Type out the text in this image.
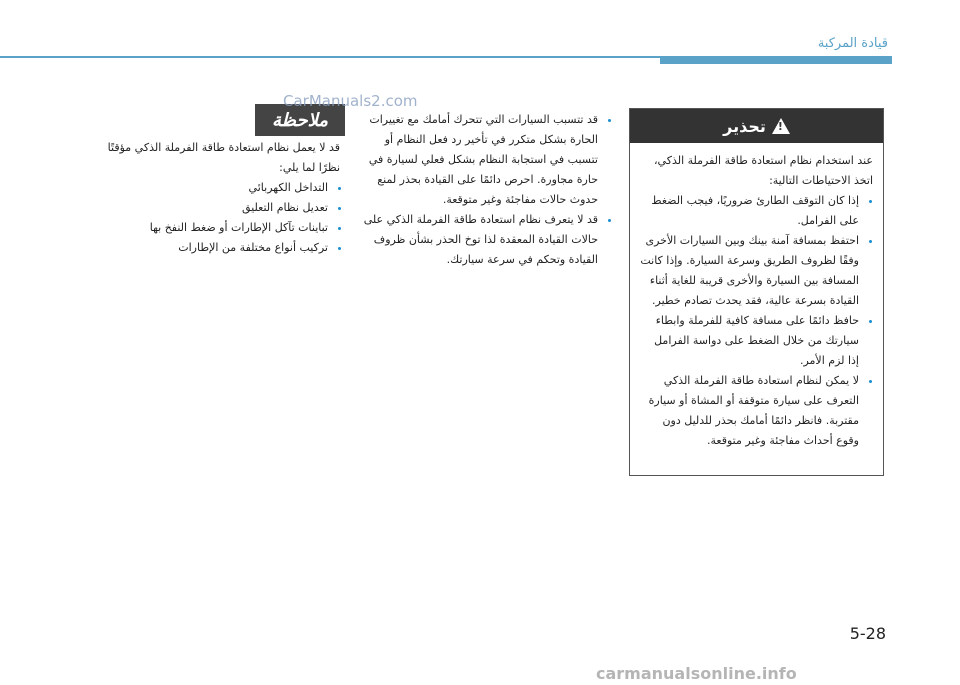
قيادة المركبة
تحذير
!

عند استخدام نظام استعادة طاقة الفرملة الذكي، اتخذ الاحتياطات التالية:

• إذا كان التوقف الطارئ ضروريًا، فيجب الضغط على الفرامل.
• احتفظ بمسافة آمنة بينك وبين السيارات الأخرى وفقًا لظروف الطريق وسرعة السيارة. وإذا كانت المسافة بين السيارة والأخرى قريبة للغاية أثناء القيادة بسرعة عالية، فقد يحدث تصادم خطير.
• حافظ دائمًا على مسافة كافية للفرملة وابطاء سيارتك من خلال الضغط على دواسة الفرامل إذا لزم الأمر.
• لا يمكن لنظام استعادة طاقة الفرملة الذكي التعرف على سيارة متوقفة أو المشاة أو سيارة مقتربة. فانظر دائمًا أمامك بحذر للدليل دون وقوع أحداث مفاجئة وغير متوقعة.
• قد تتسبب السيارات التي تتحرك أمامك مع تغييرات الحارة بشكل متكرر في تأخير رد فعل النظام أو تتسبب في استجابة النظام بشكل فعلي لسيارة في حارة مجاورة. احرص دائمًا على القيادة بحذر لمنع حدوث حالات مفاجئة وغير متوقعة.
• قد لا يتعرف نظام استعادة طاقة الفرملة الذكي على حالات القيادة المعقدة لذا توخ الحذر بشأن ظروف القيادة وتحكم في سرعة سيارتك.
ملاحظة
CarManuals2.com

قد لا يعمل نظام استعادة طاقة الفرملة الذكي مؤقتًا نظرًا لما يلي:

• التداخل الكهربائي
• تعديل نظام التعليق
• تباينات تآكل الإطارات أو ضغط النفخ بها
• تركيب أنواع مختلفة من الإطارات
5-28
carmanualsonline.info
